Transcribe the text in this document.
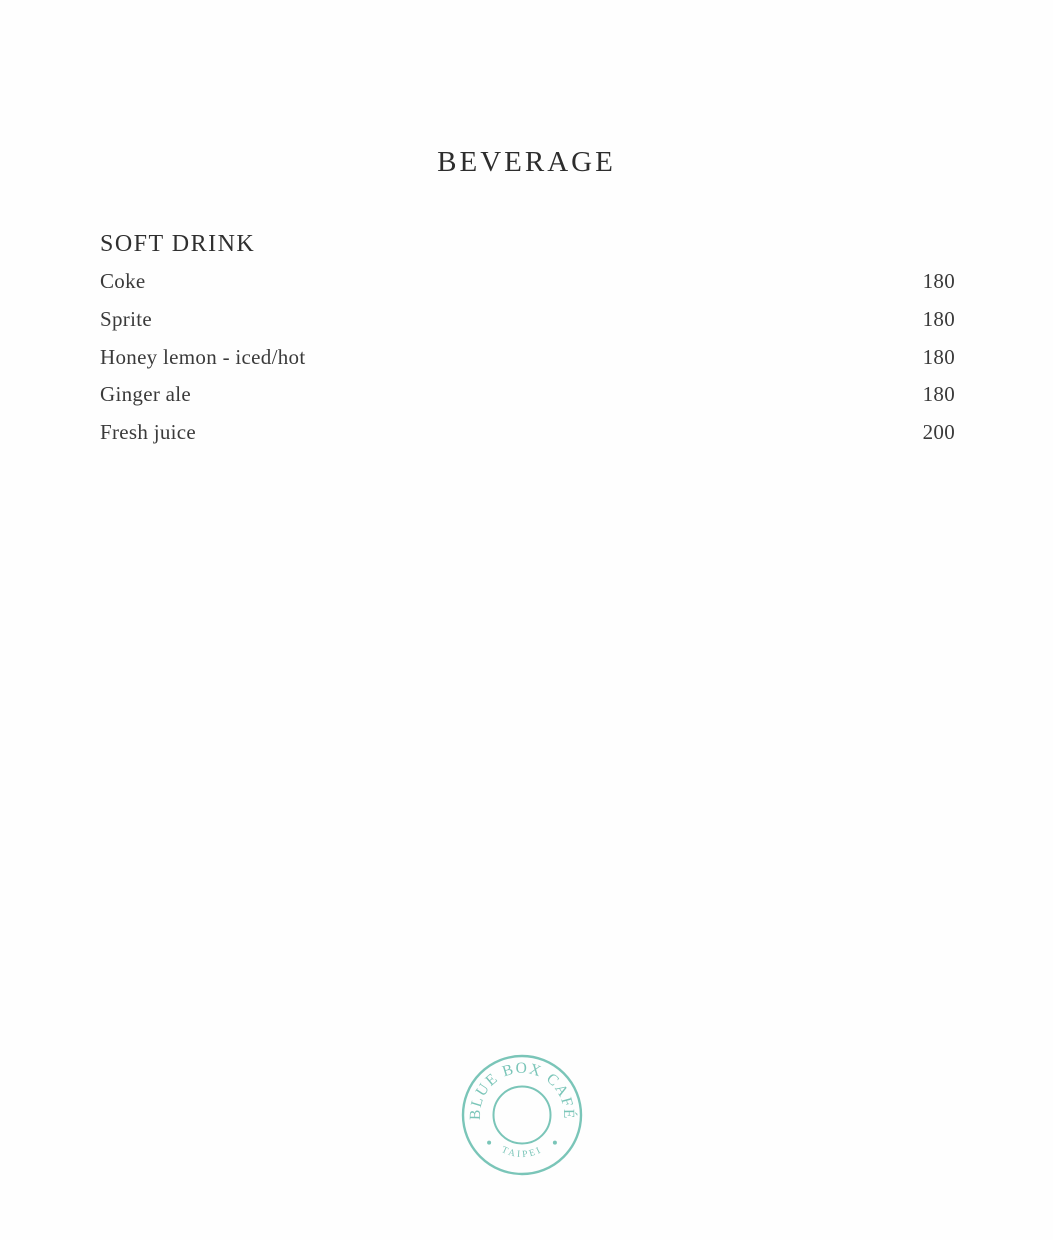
BEVERAGE
SOFT DRINK
Coke	180
Sprite	180
Honey lemon - iced/hot	180
Ginger ale	180
Fresh juice	200
BLUE BOX CAFÉ
TAIPEI
